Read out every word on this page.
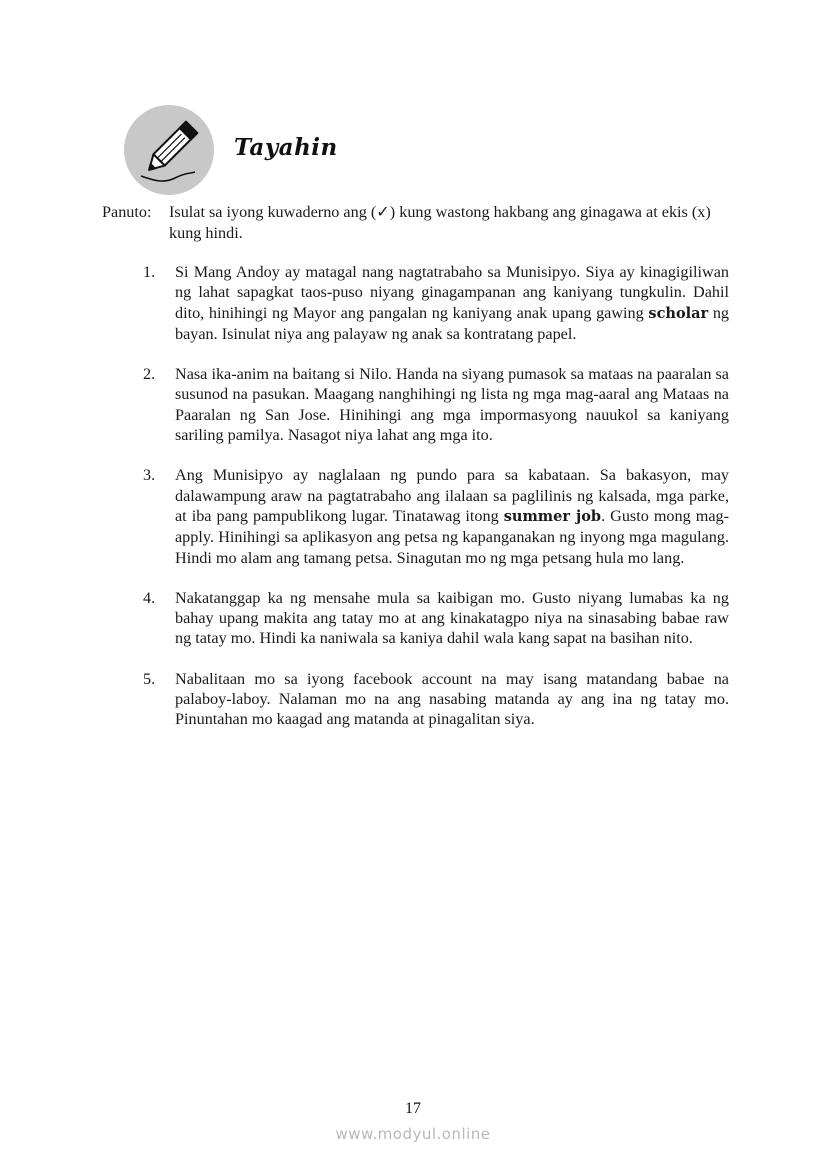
Tayahin
Panuto: Isulat sa iyong kuwaderno ang (✓) kung wastong hakbang ang ginagawa at ekis (x) kung hindi.
1. Si Mang Andoy ay matagal nang nagtatrabaho sa Munisipyo. Siya ay kinagigiliwan ng lahat sapagkat taos-puso niyang ginagampanan ang kaniyang tungkulin. Dahil dito, hinihingi ng Mayor ang pangalan ng kaniyang anak upang gawing scholar ng bayan. Isinulat niya ang palayaw ng anak sa kontratang papel.
2. Nasa ika-anim na baitang si Nilo. Handa na siyang pumasok sa mataas na paaralan sa susunod na pasukan. Maagang nanghihingi ng lista ng mga mag-aaral ang Mataas na Paaralan ng San Jose. Hinihingi ang mga impormasyong nauukol sa kaniyang sariling pamilya. Nasagot niya lahat ang mga ito.
3. Ang Munisipyo ay naglalaan ng pundo para sa kabataan. Sa bakasyon, may dalawampung araw na pagtatrabaho ang ilalaan sa paglilinis ng kalsada, mga parke, at iba pang pampublikong lugar. Tinatawag itong summer job. Gusto mong mag-apply. Hinihingi sa aplikasyon ang petsa ng kapanganakan ng inyong mga magulang. Hindi mo alam ang tamang petsa. Sinagutan mo ng mga petsang hula mo lang.
4. Nakatanggap ka ng mensahe mula sa kaibigan mo. Gusto niyang lumabas ka ng bahay upang makita ang tatay mo at ang kinakatagpo niya na sinasabing babae raw ng tatay mo. Hindi ka naniwala sa kaniya dahil wala kang sapat na basihan nito.
5. Nabalitaan mo sa iyong facebook account na may isang matandang babae na palaboy-laboy. Nalaman mo na ang nasabing matanda ay ang ina ng tatay mo. Pinuntahan mo kaagad ang matanda at pinagalitan siya.
17
www.modyul.online
